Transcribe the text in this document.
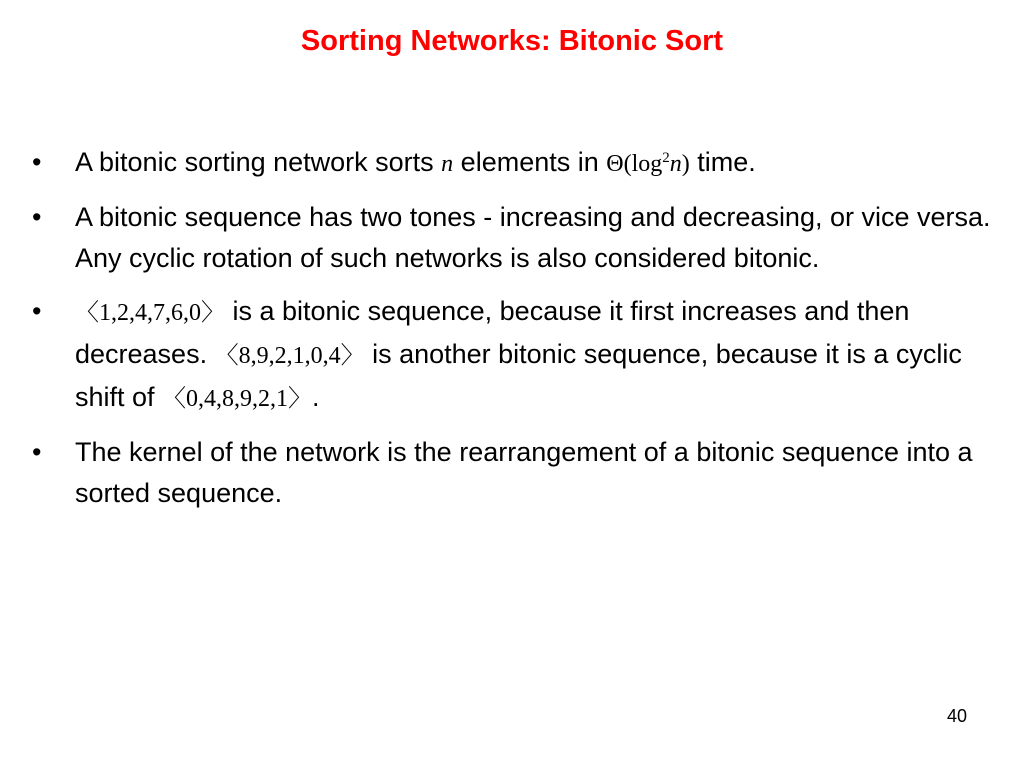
Sorting Networks: Bitonic Sort
• A bitonic sorting network sorts n elements in $\Theta(\log^2n)$ time.
• A bitonic sequence has two tones - increasing and decreasing, or vice versa. Any cyclic rotation of such networks is also considered bitonic.
• 〈1,2,4,7,6,0〉 is a bitonic sequence, because it first increases and then decreases. 〈8,9,2,1,0,4〉 is another bitonic sequence, because it is a cyclic shift of 〈0,4,8,9,2,1〉.
• The kernel of the network is the rearrangement of a bitonic sequence into a sorted sequence.
40
